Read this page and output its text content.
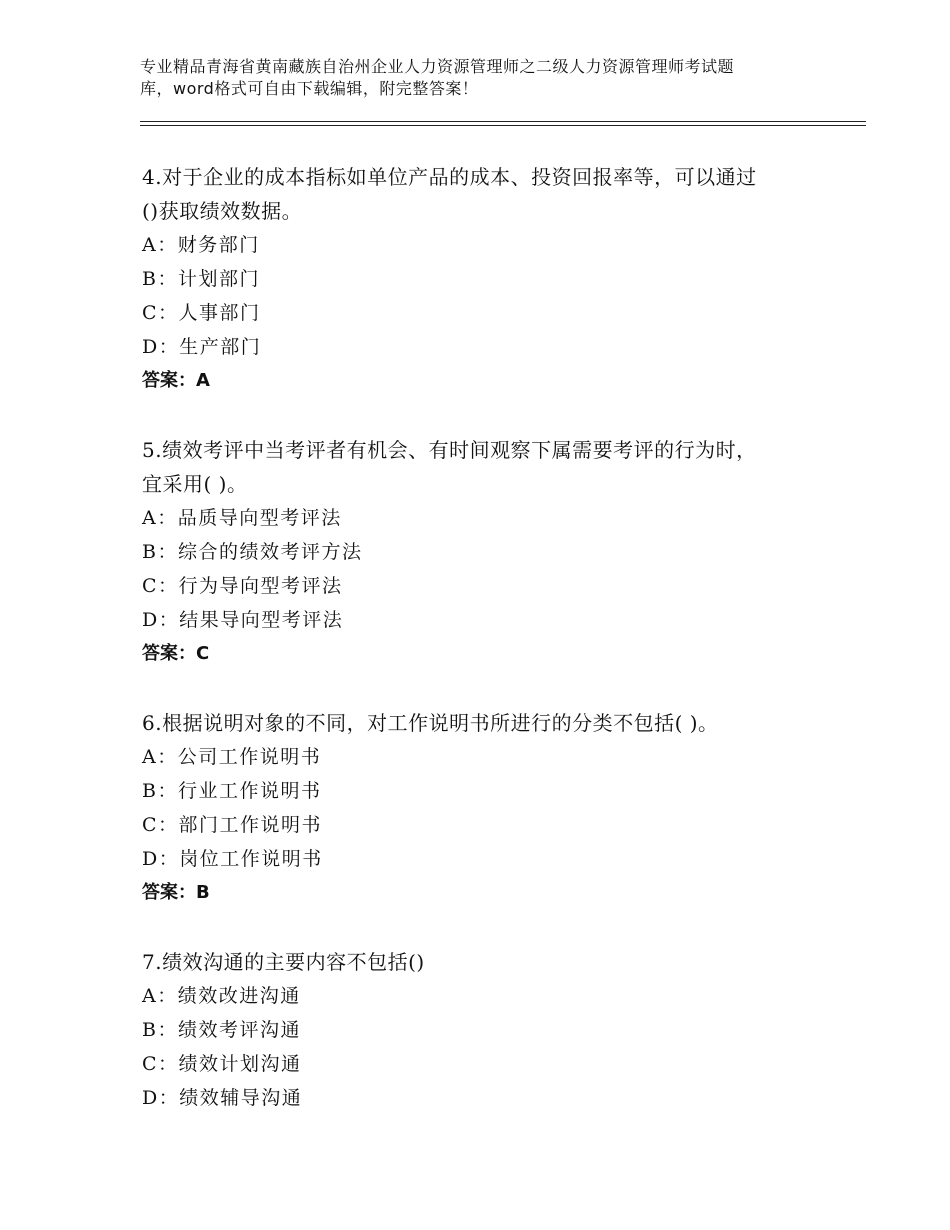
专业精品青海省黄南藏族自治州企业人力资源管理师之二级人力资源管理师考试题
库，word格式可自由下载编辑，附完整答案！
4.对于企业的成本指标如单位产品的成本、投资回报率等，可以通过
()获取绩效数据。
A：财务部门
B：计划部门
C：人事部门
D：生产部门
答案：A
5.绩效考评中当考评者有机会、有时间观察下属需要考评的行为时，
宜采用( )。
A：品质导向型考评法
B：综合的绩效考评方法
C：行为导向型考评法
D：结果导向型考评法
答案：C
6.根据说明对象的不同，对工作说明书所进行的分类不包括( )。
A：公司工作说明书
B：行业工作说明书
C：部门工作说明书
D：岗位工作说明书
答案：B
7.绩效沟通的主要内容不包括()
A：绩效改进沟通
B：绩效考评沟通
C：绩效计划沟通
D：绩效辅导沟通
